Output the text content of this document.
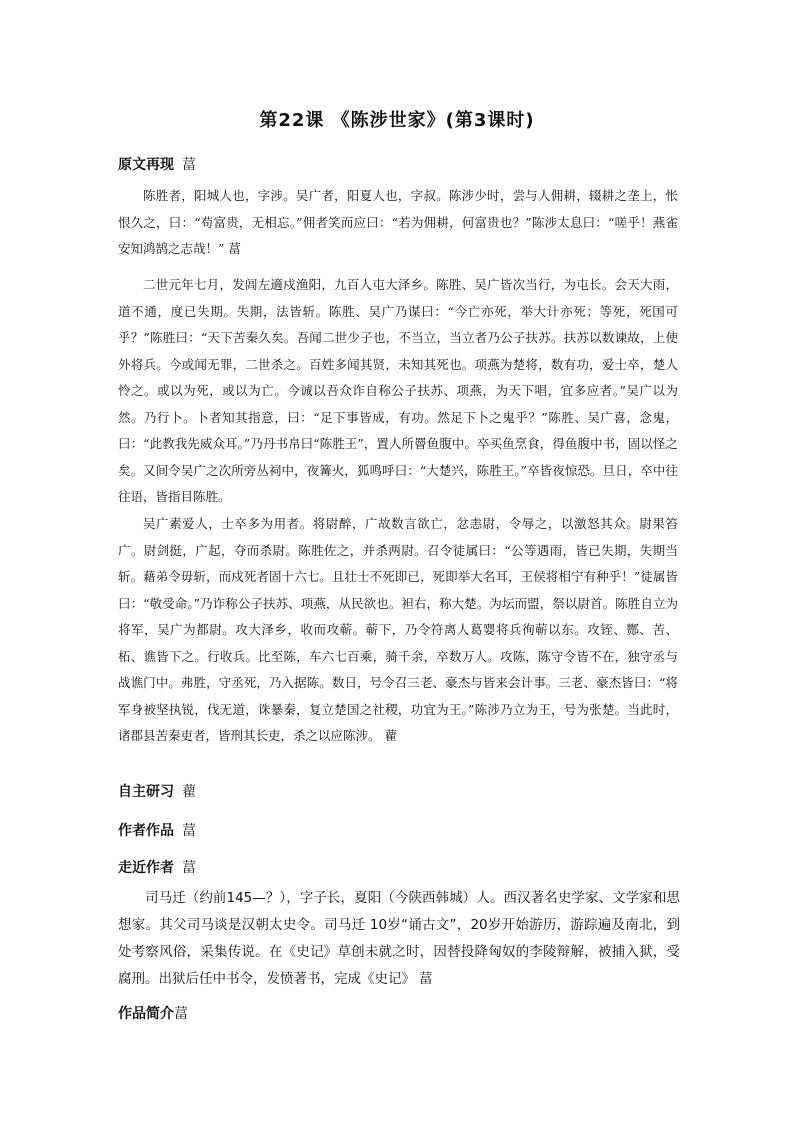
第22课 《陈涉世家》(第3课时)
原文再现 葍
陈胜者，阳城人也，字涉。吴广者，阳夏人也，字叔。陈涉少时，尝与人佣耕，辍耕之垄上，怅恨久之，曰：“苟富贵，无相忘。”佣者笑而应曰：“若为佣耕，何富贵也？”陈涉太息曰：“嗟乎！燕雀安知鸿鹄之志哉！” 葍
二世元年七月，发闾左適戍渔阳，九百人屯大泽乡。陈胜、吴广皆次当行，为屯长。会天大雨，道不通，度已失期。失期，法皆斩。陈胜、吴广乃谋曰：“今亡亦死，举大计亦死；等死，死国可乎？”陈胜曰：“天下苦秦久矣。吾闻二世少子也，不当立，当立者乃公子扶苏。扶苏以数谏故，上使外将兵。今或闻无罪，二世杀之。百姓多闻其贤，未知其死也。项燕为楚将，数有功，爱士卒，楚人怜之。或以为死，或以为亡。今诚以吾众诈自称公子扶苏、项燕，为天下唱，宜多应者。”吴广以为然。乃行卜。卜者知其指意，曰：“足下事皆成，有功。然足下卜之鬼乎？”陈胜、吴广喜，念鬼，曰：“此教我先威众耳。”乃丹书帛曰“陈胜王”，置人所罾鱼腹中。卒买鱼烹食，得鱼腹中书，固以怪之矣。又间令吴广之次所旁丛祠中，夜篝火，狐鸣呼曰：“大楚兴，陈胜王。”卒皆夜惊恐。旦日，卒中往往语，皆指目陈胜。
吴广素爱人，士卒多为用者。将尉醉，广故数言欲亡，忿恚尉，令辱之，以激怒其众。尉果笞广。尉剑挺，广起，夺而杀尉。陈胜佐之，并杀两尉。召令徒属曰：“公等遇雨，皆已失期，失期当斩。藉弟令毋斩，而戍死者固十六七。且壮士不死即已，死即举大名耳，王侯将相宁有种乎！”徒属皆曰：“敬受命。”乃诈称公子扶苏、项燕，从民欲也。袒右，称大楚。为坛而盟，祭以尉首。陈胜自立为将军，吴广为都尉。攻大泽乡，收而攻蕲。蕲下，乃令符离人葛婴将兵徇蕲以东。攻铚、酂、苦、柘、谯皆下之。行收兵。比至陈，车六七百乘，骑千余，卒数万人。攻陈，陈守令皆不在，独守丞与战谯门中。弗胜，守丞死，乃入据陈。数日，号令召三老、豪杰与皆来会计事。三老、豪杰皆曰：“将军身被坚执锐，伐无道，诛暴秦，复立楚国之社稷，功宜为王。”陈涉乃立为王，号为张楚。当此时，诸郡县苦秦吏者，皆刑其长吏，杀之以应陈涉。 藋
自主研习 藋
作者作品 葍
走近作者 葍
司马迁（约前145—？），字子长，夏阳（今陕西韩城）人。西汉著名史学家、文学家和思想家。其父司马谈是汉朝太史令。司马迁 10岁“诵古文”，20岁开始游历，游踪遍及南北，到处考察风俗，采集传说。在《史记》草创未就之时，因替投降匈奴的李陵辩解，被捕入狱，受腐刑。出狱后任中书令，发愤著书，完成《史记》 葍
作品简介葍
